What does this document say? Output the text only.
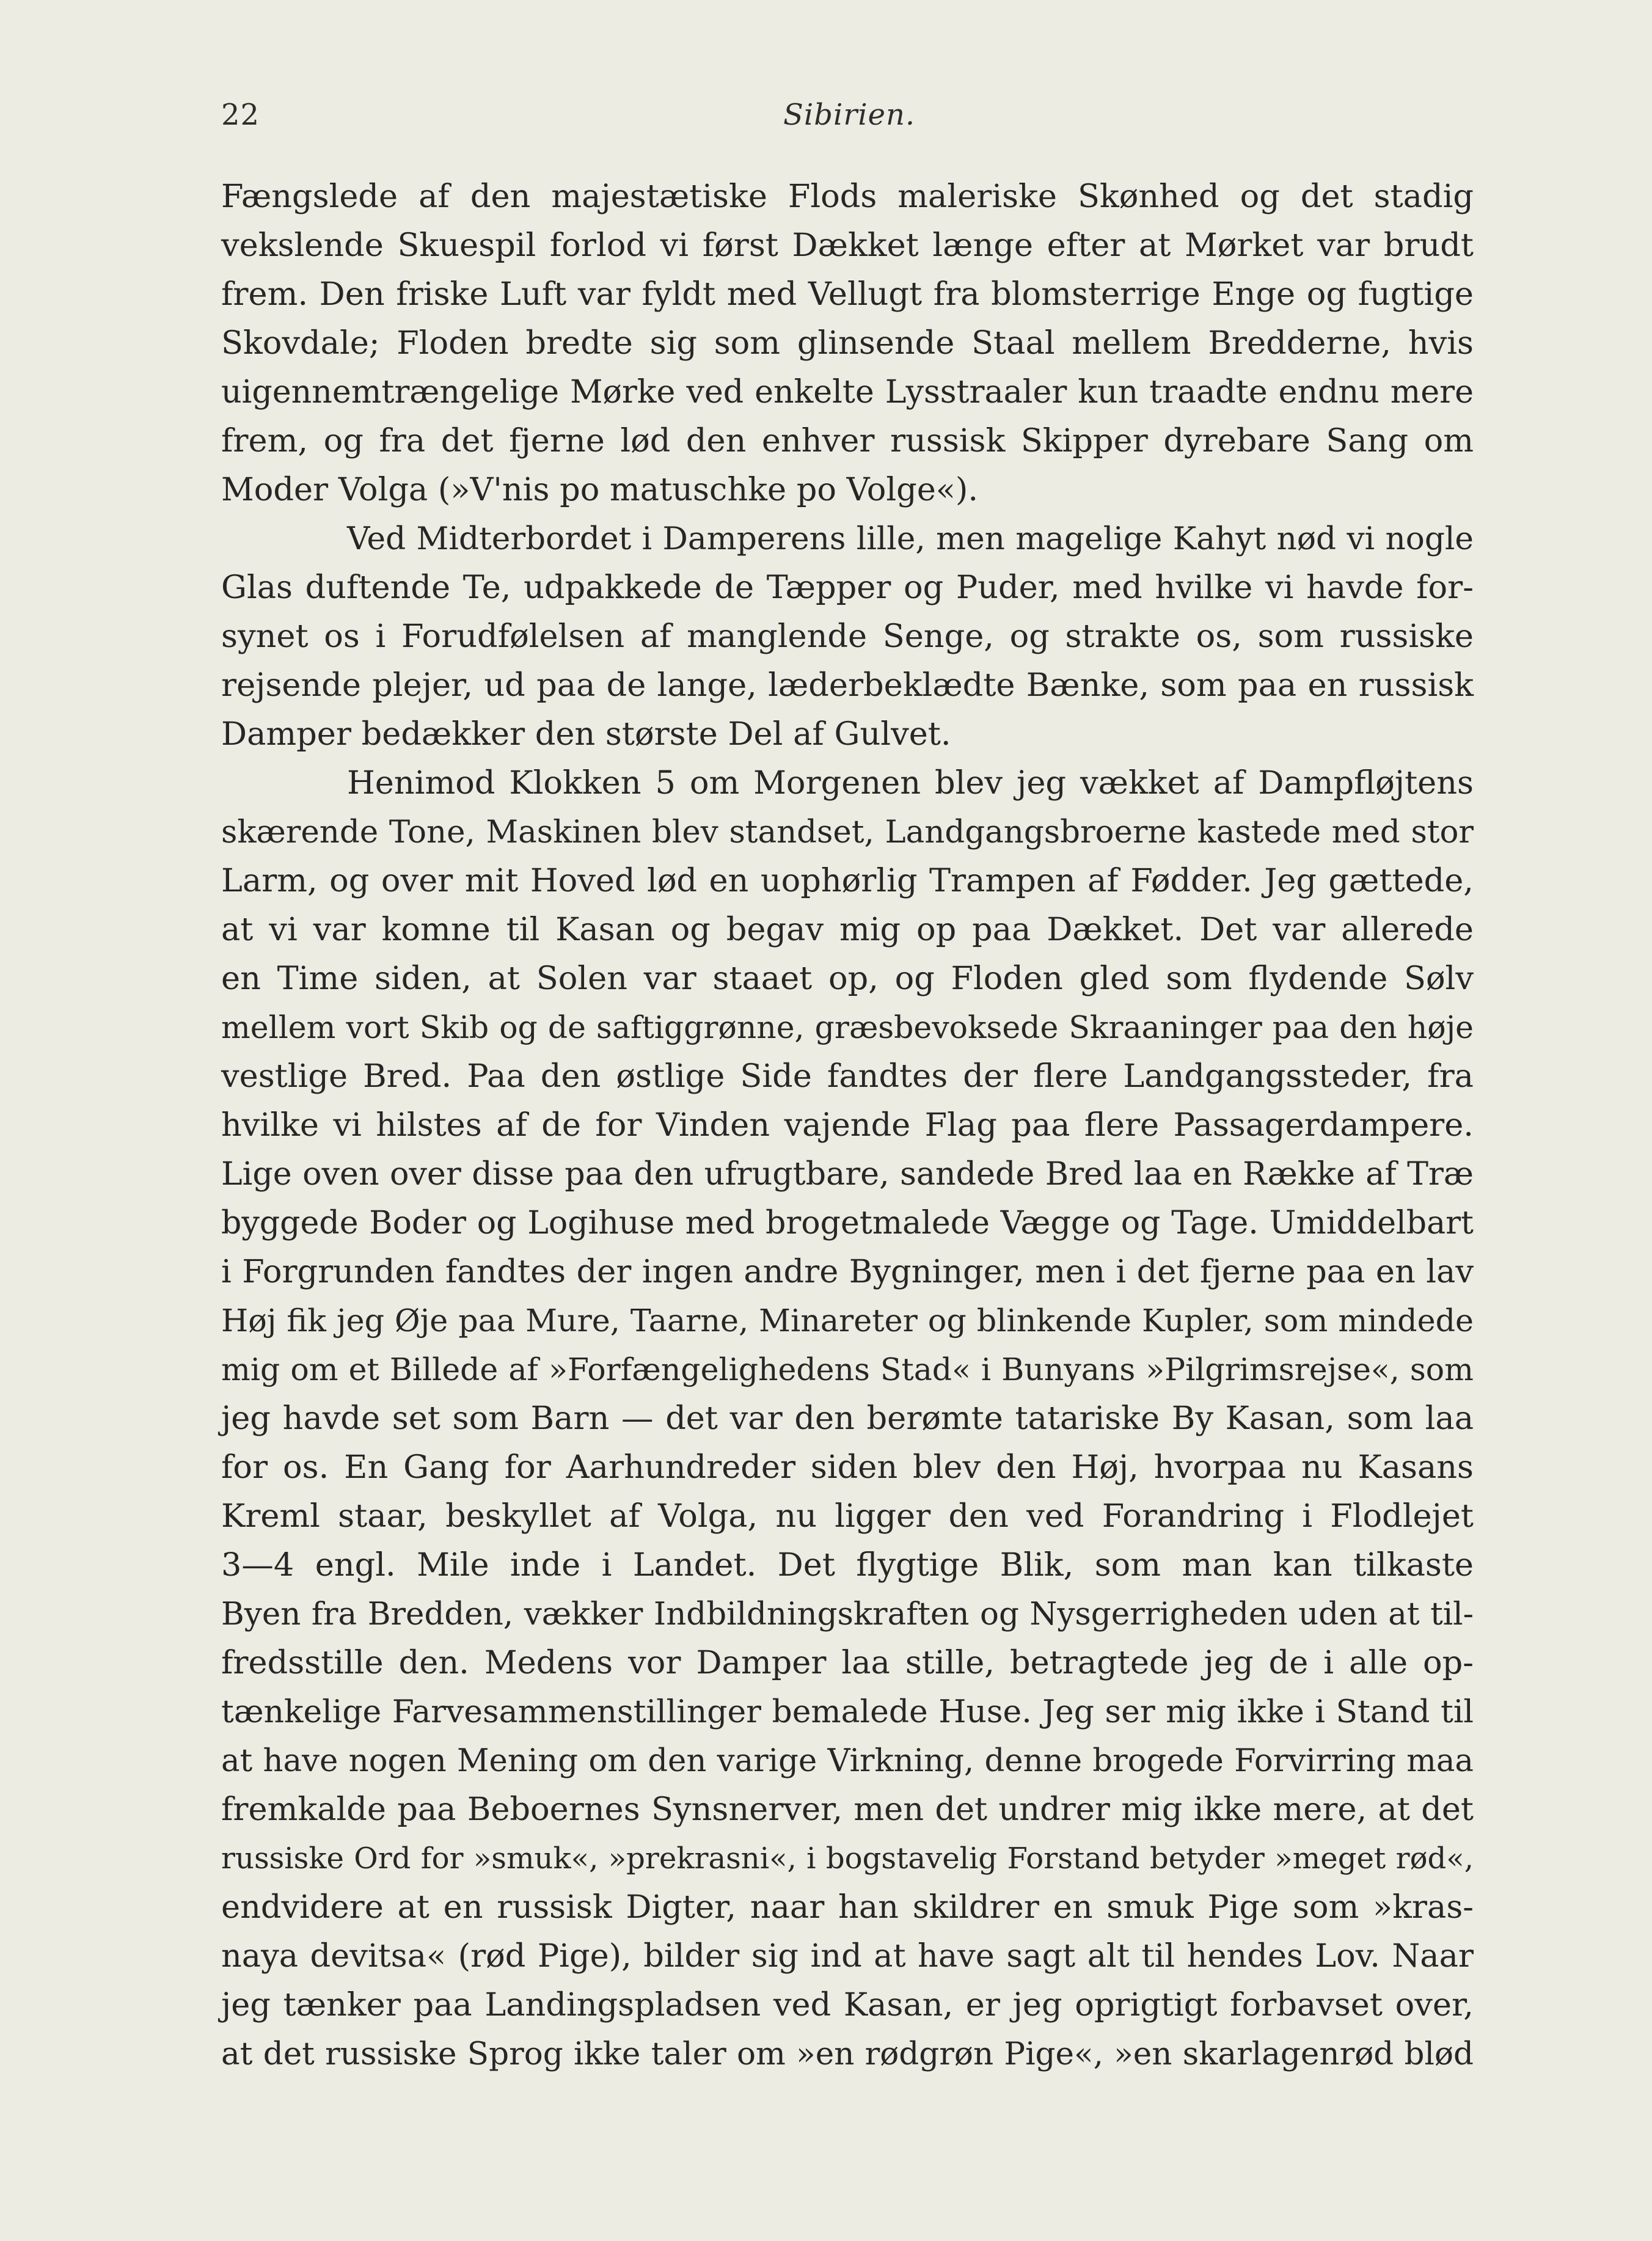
22	Sibirien.
Fængslede af den majestætiske Flods maleriske Skønhed og det stadig
vekslende Skuespil forlod vi først Dækket længe efter at Mørket var brudt
frem. Den friske Luft var fyldt med Vellugt fra blomsterrige Enge og fugtige
Skovdale; Floden bredte sig som glinsende Staal mellem Bredderne, hvis
uigennemtrængelige Mørke ved enkelte Lysstraaler kun traadte endnu mere
frem, og fra det fjerne lød den enhver russisk Skipper dyrebare Sang om
Moder Volga (»V'nis po matuschke po Volge«).
Ved Midterbordet i Damperens lille, men magelige Kahyt nød vi nogle
Glas duftende Te, udpakkede de Tæpper og Puder, med hvilke vi havde for-
synet os i Forudfølelsen af manglende Senge, og strakte os, som russiske
rejsende plejer, ud paa de lange, læderbeklædte Bænke, som paa en russisk
Damper bedækker den største Del af Gulvet.
Henimod Klokken 5 om Morgenen blev jeg vækket af Dampfløjtens
skærende Tone, Maskinen blev standset, Landgangsbroerne kastede med stor
Larm, og over mit Hoved lød en uophørlig Trampen af Fødder. Jeg gættede,
at vi var komne til Kasan og begav mig op paa Dækket. Det var allerede
en Time siden, at Solen var staaet op, og Floden gled som flydende Sølv
mellem vort Skib og de saftiggrønne, græsbevoksede Skraaninger paa den høje
vestlige Bred. Paa den østlige Side fandtes der flere Landgangssteder, fra
hvilke vi hilstes af de for Vinden vajende Flag paa flere Passagerdampere.
Lige oven over disse paa den ufrugtbare, sandede Bred laa en Række af Træ
byggede Boder og Logihuse med brogetmalede Vægge og Tage. Umiddelbart
i Forgrunden fandtes der ingen andre Bygninger, men i det fjerne paa en lav
Høj fik jeg Øje paa Mure, Taarne, Minareter og blinkende Kupler, som mindede
mig om et Billede af »Forfængelighedens Stad« i Bunyans »Pilgrimsrejse«, som
jeg havde set som Barn — det var den berømte tatariske By Kasan, som laa
for os. En Gang for Aarhundreder siden blev den Høj, hvorpaa nu Kasans
Kreml staar, beskyllet af Volga, nu ligger den ved Forandring i Flodlejet
3—4 engl. Mile inde i Landet. Det flygtige Blik, som man kan tilkaste
Byen fra Bredden, vækker Indbildningskraften og Nysgerrigheden uden at til-
fredsstille den. Medens vor Damper laa stille, betragtede jeg de i alle op-
tænkelige Farvesammenstillinger bemalede Huse. Jeg ser mig ikke i Stand til
at have nogen Mening om den varige Virkning, denne brogede Forvirring maa
fremkalde paa Beboernes Synsnerver, men det undrer mig ikke mere, at det
russiske Ord for »smuk«, »prekrasni«, i bogstavelig Forstand betyder »meget rød«,
endvidere at en russisk Digter, naar han skildrer en smuk Pige som »kras-
naya devitsa« (rød Pige), bilder sig ind at have sagt alt til hendes Lov. Naar
jeg tænker paa Landingspladsen ved Kasan, er jeg oprigtigt forbavset over,
at det russiske Sprog ikke taler om »en rødgrøn Pige«, »en skarlagenrød blød
